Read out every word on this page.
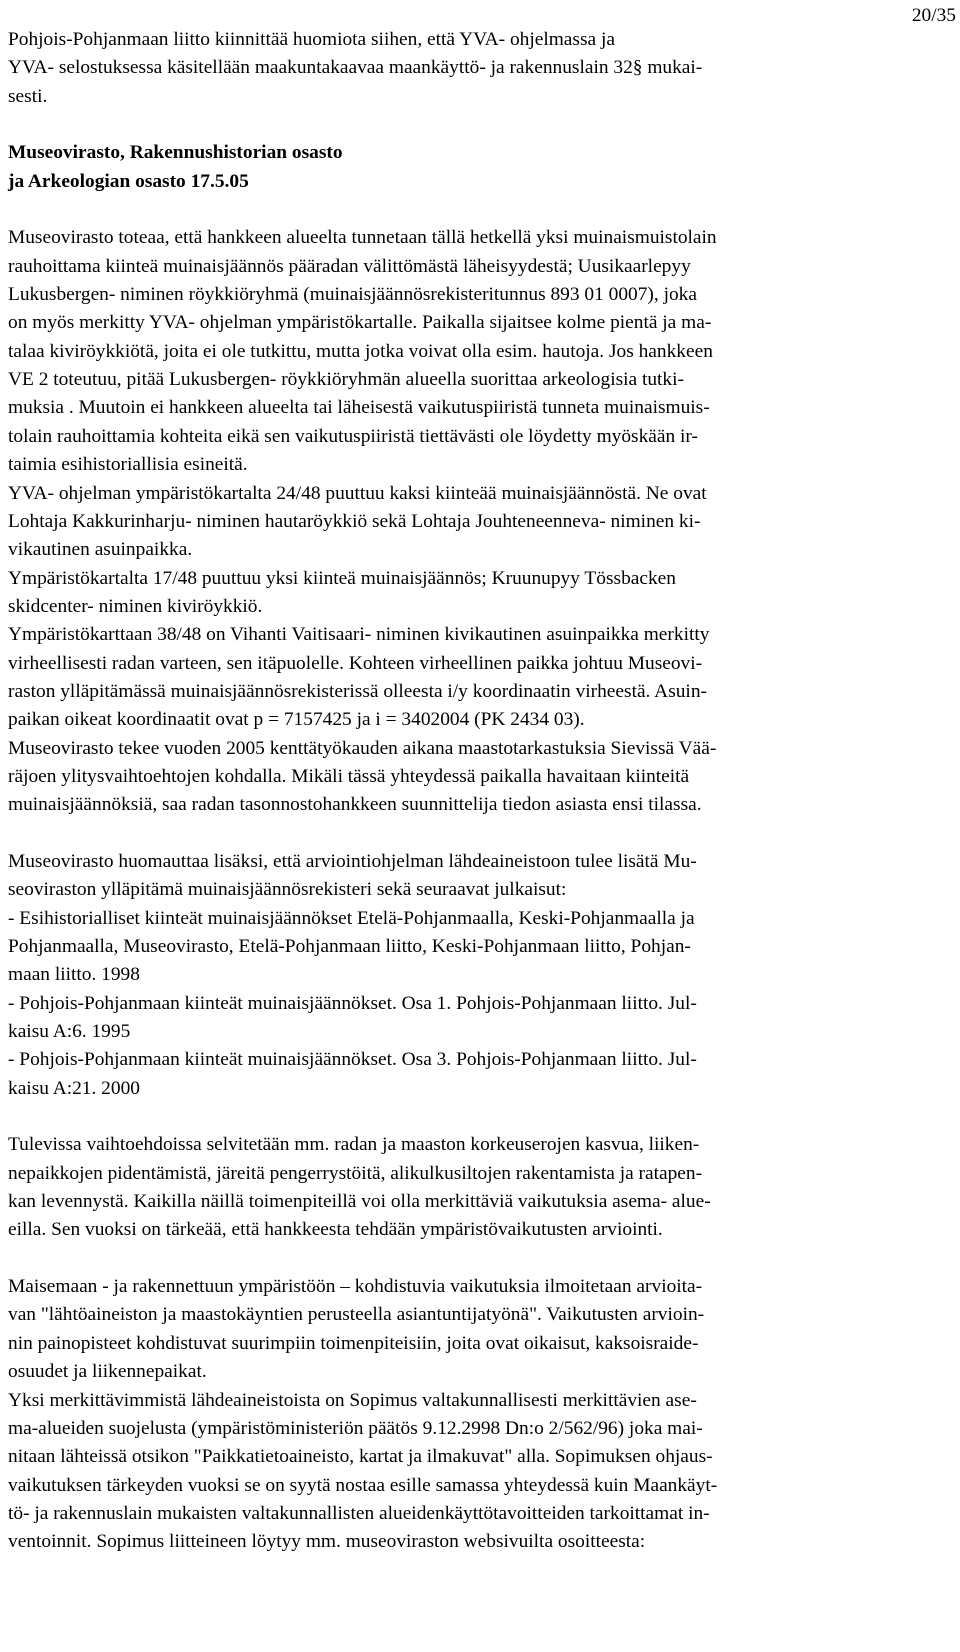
20/35
Pohjois-Pohjanmaan liitto kiinnittää huomiota siihen, että YVA- ohjelmassa ja
YVA- selostuksessa käsitellään maakuntakaavaa maankäyttö- ja rakennuslain 32§ mukai-
sesti.
Museovirasto, Rakennushistorian osasto
ja Arkeologian osasto 17.5.05
Museovirasto toteaa, että hankkeen alueelta tunnetaan tällä hetkellä yksi muinaismuistolain
rauhoittama kiinteä muinaisjäännös pääradan välittömästä läheisyydestä; Uusikaarlepyy
Lukusbergen- niminen röykkiöryhmä (muinaisjäännösrekisteritunnus 893 01 0007), joka
on myös merkitty YVA- ohjelman ympäristökartalle. Paikalla sijaitsee kolme pientä ja ma-
talaa kiviröykkiötä, joita ei ole tutkittu, mutta jotka voivat olla esim. hautoja. Jos hankkeen
VE 2 toteutuu, pitää Lukusbergen- röykkiöryhmän alueella suorittaa arkeologisia tutki-
muksia . Muutoin ei hankkeen alueelta tai läheisestä vaikutuspiiristä tunneta muinaismuis-
tolain rauhoittamia kohteita eikä sen vaikutuspiiristä tiettävästi ole löydetty myöskään ir-
taimia esihistoriallisia esineitä.
YVA- ohjelman ympäristökartalta 24/48 puuttuu kaksi kiinteää muinaisjäännöstä. Ne ovat
Lohtaja Kakkurinharju- niminen hautaröykkiö sekä Lohtaja Jouhteneenneva- niminen ki-
vikautinen asuinpaikka.
Ympäristökartalta 17/48 puuttuu yksi kiinteä muinaisjäännös; Kruunupyy Tössbacken
skidcenter- niminen kiviröykkiö.
Ympäristökarttaan 38/48 on Vihanti Vaitisaari- niminen kivikautinen asuinpaikka merkitty
virheellisesti radan varteen, sen itäpuolelle. Kohteen virheellinen paikka johtuu Museovi-
raston ylläpitämässä muinaisjäännösrekisterissä olleesta i/y koordinaatin virheestä. Asuin-
paikan oikeat koordinaatit ovat p = 7157425 ja i = 3402004 (PK 2434 03).
Museovirasto tekee vuoden 2005 kenttätyökauden aikana maastotarkastuksia Sievissä Vää-
räjoen ylitysvaihtoehtojen kohdalla. Mikäli tässä yhteydessä paikalla havaitaan kiinteitä
muinaisjäännöksiä, saa radan tasonnostohankkeen suunnittelija tiedon asiasta ensi tilassa.
Museovirasto huomauttaa lisäksi, että arviointiohjelman lähdeaineistoon tulee lisätä Mu-
seoviraston ylläpitämä muinaisjäännösrekisteri sekä seuraavat julkaisut:
- Esihistorialliset kiinteät muinaisjäännökset Etelä-Pohjanmaalla, Keski-Pohjanmaalla ja
Pohjanmaalla, Museovirasto, Etelä-Pohjanmaan liitto, Keski-Pohjanmaan liitto, Pohjan-
maan liitto. 1998
- Pohjois-Pohjanmaan kiinteät muinaisjäännökset. Osa 1. Pohjois-Pohjanmaan liitto. Jul-
kaisu A:6. 1995
- Pohjois-Pohjanmaan kiinteät muinaisjäännökset. Osa 3. Pohjois-Pohjanmaan liitto. Jul-
kaisu A:21. 2000
Tulevissa vaihtoehdoissa selvitetään mm. radan ja maaston korkeuserojen kasvua, liiken-
nepaikkojen pidentämistä, järeitä pengerrystöitä, alikulkusiltojen rakentamista ja ratapen-
kan levennystä. Kaikilla näillä toimenpiteillä voi olla merkittäviä vaikutuksia asema- alue-
eilla. Sen vuoksi on tärkeää, että hankkeesta tehdään ympäristövaikutusten arviointi.
Maisemaan - ja rakennettuun ympäristöön – kohdistuvia vaikutuksia ilmoitetaan arvioita-
van "lähtöaineiston ja maastokäyntien perusteella asiantuntijatyönä". Vaikutusten arvioin-
nin painopisteet kohdistuvat suurimpiin toimenpiteisiin, joita ovat oikaisut, kaksoisraide-
osuudet ja liikennepaikat.
Yksi merkittävimmistä lähdeaineistoista on Sopimus valtakunnallisesti merkittävien ase-
ma-alueiden suojelusta (ympäristöministeriön päätös 9.12.2998 Dn:o 2/562/96) joka mai-
nitaan lähteissä otsikon "Paikkatietoaineisto, kartat ja ilmakuvat" alla. Sopimuksen ohjaus-
vaikutuksen tärkeyden vuoksi se on syytä nostaa esille samassa yhteydessä kuin Maankäyt-
tö- ja rakennuslain mukaisten valtakunnallisten alueidenkäyttötavoitteiden tarkoittamat in-
ventoinnit. Sopimus liitteineen löytyy mm. museoviraston websivuilta osoitteesta:
